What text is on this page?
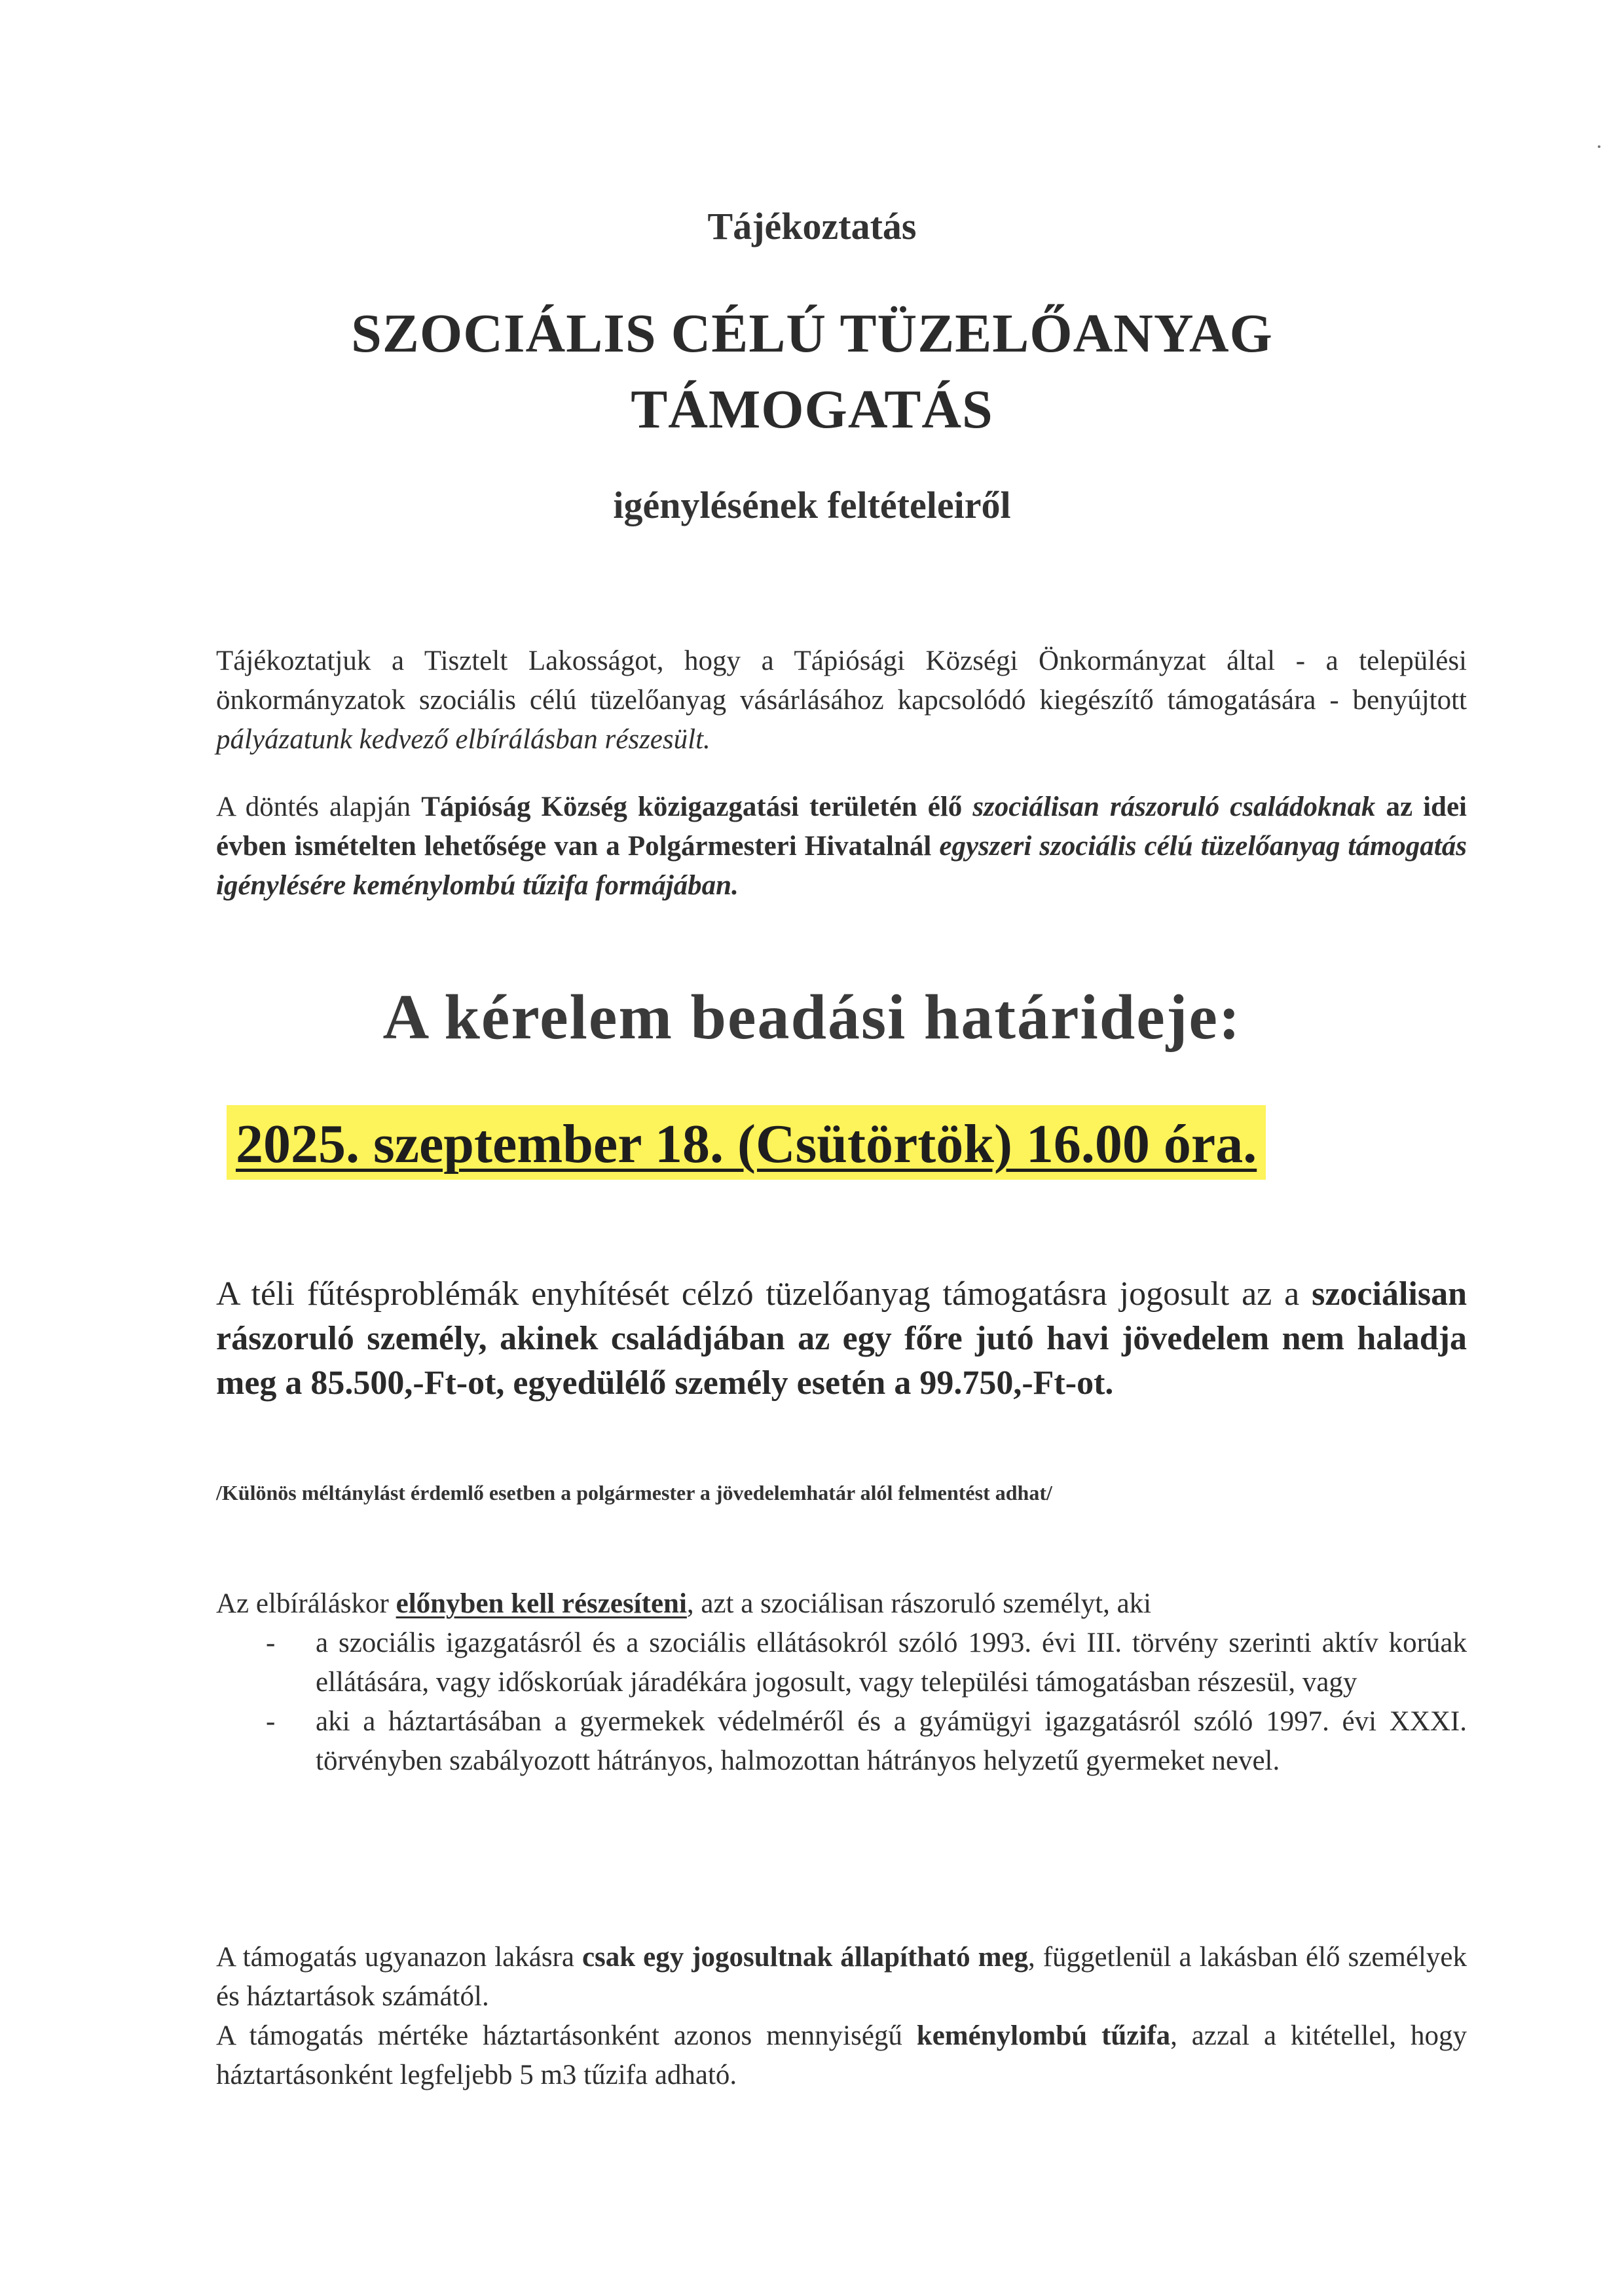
Tájékoztatás

SZOCIÁLIS CÉLÚ TÜZELŐANYAG
TÁMOGATÁS

igénylésének feltételeiről

Tájékoztatjuk a Tisztelt Lakosságot, hogy a Tápiósági Községi Önkormányzat által - a települési önkormányzatok szociális célú tüzelőanyag vásárlásához kapcsolódó kiegészítő támogatására - benyújtott pályázatunk kedvező elbírálásban részesült.

A döntés alapján Tápióság Község közigazgatási területén élő szociálisan rászoruló családoknak az idei évben ismételten lehetősége van a Polgármesteri Hivatalnál egyszeri szociális célú tüzelőanyag támogatás igénylésére keménylombú tűzifa formájában.

A kérelem beadási határideje:

2025. szeptember 18. (Csütörtök) 16.00 óra.

A téli fűtésproblémák enyhítését célzó tüzelőanyag támogatásra jogosult az a szociálisan rászoruló személy, akinek családjában az egy főre jutó havi jövedelem nem haladja meg a 85.500,-Ft-ot, egyedülélő személy esetén a 99.750,-Ft-ot.

/Különös méltánylást érdemlő esetben a polgármester a jövedelemhatár alól felmentést adhat/

Az elbíráláskor előnyben kell részesíteni, azt a szociálisan rászoruló személyt, aki

- a szociális igazgatásról és a szociális ellátásokról szóló 1993. évi III. törvény szerinti aktív korúak ellátására, vagy időskorúak járadékára jogosult, vagy települési támogatásban részesül, vagy
- aki a háztartásában a gyermekek védelméről és a gyámügyi igazgatásról szóló 1997. évi XXXI. törvényben szabályozott hátrányos, halmozottan hátrányos helyzetű gyermeket nevel.

A támogatás ugyanazon lakásra csak egy jogosultnak állapítható meg, függetlenül a lakásban élő személyek és háztartások számától.
A támogatás mértéke háztartásonként azonos mennyiségű keménylombú tűzifa, azzal a kitétellel, hogy háztartásonként legfeljebb 5 m3 tűzifa adható.
